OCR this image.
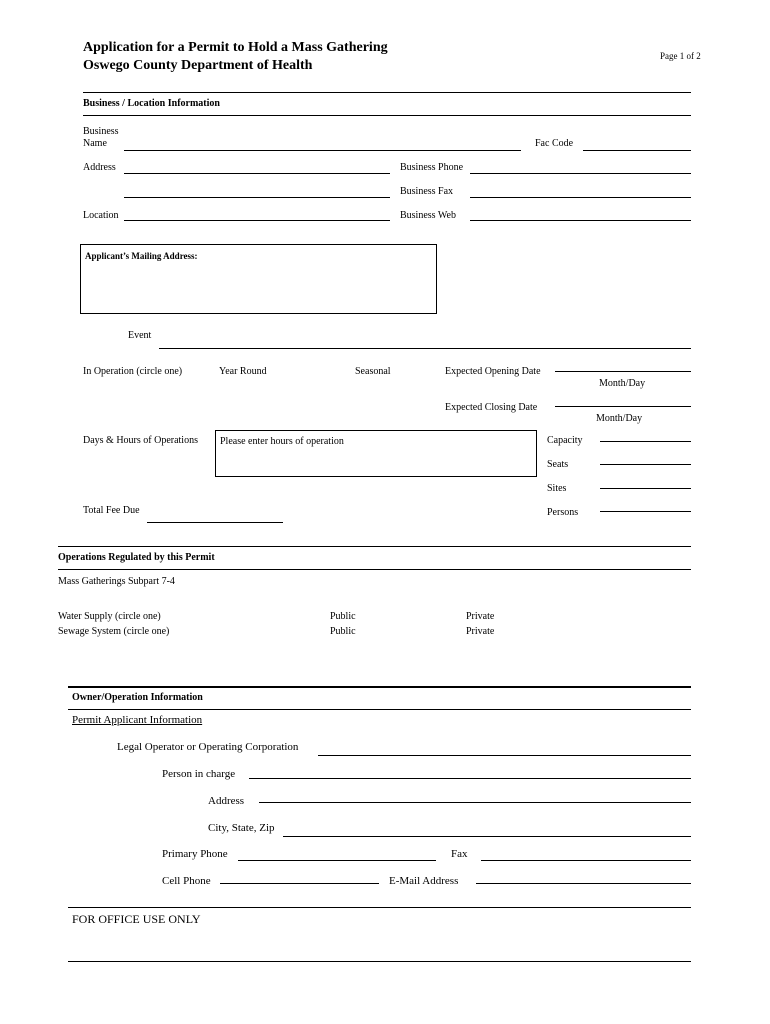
Application for a Permit to Hold a Mass Gathering
Oswego County Department of Health
Page 1 of 2
Business / Location Information
Business
Name	Fac Code
Address	Business Phone
Business Fax
Location	Business Web
Applicant’s Mailing Address:
Event
In Operation (circle one)	Year Round	Seasonal	Expected Opening Date
Month/Day
Expected Closing Date
Month/Day
Days & Hours of Operations Please enter hours of operation	Capacity
Seats
Sites
Persons
Total Fee Due
Operations Regulated by this Permit
Mass Gatherings Subpart 7-4
Water Supply (circle one)	Public	Private
Sewage System (circle one)	Public	Private
Owner/Operation Information
Permit Applicant Information
Legal Operator or Operating Corporation
Person in charge
Address
City, State, Zip
Primary Phone	Fax
Cell Phone	E-Mail Address
FOR OFFICE USE ONLY
